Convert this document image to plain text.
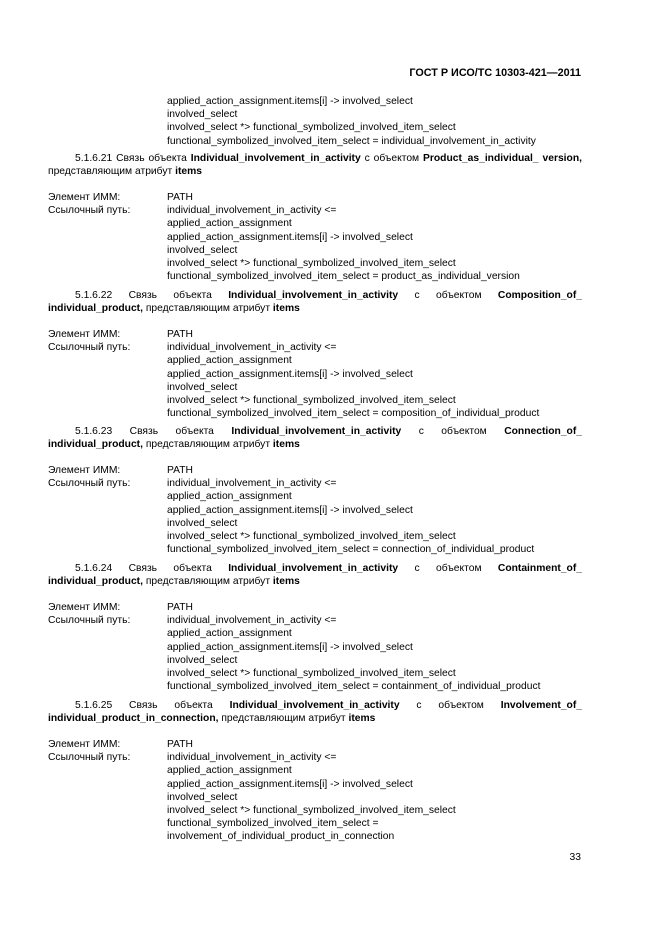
ГОСТ Р ИСО/ТС 10303-421—2011
applied_action_assignment.items[i] -> involved_select
involved_select
involved_select *> functional_symbolized_involved_item_select
functional_symbolized_involved_item_select = individual_involvement_in_activity
5.1.6.21 Связь объекта Individual_involvement_in_activity с объектом Product_as_individual_ version, представляющим атрибут items
Элемент ИММ:	PATH
Ссылочный путь:	individual_involvement_in_activity <=
applied_action_assignment
applied_action_assignment.items[i] -> involved_select
involved_select
involved_select *> functional_symbolized_involved_item_select
functional_symbolized_involved_item_select = product_as_individual_version
5.1.6.22 Связь объекта Individual_involvement_in_activity с объектом Composition_of_ individual_product, представляющим атрибут items
Элемент ИММ:	PATH
Ссылочный путь:	individual_involvement_in_activity <=
applied_action_assignment
applied_action_assignment.items[i] -> involved_select
involved_select
involved_select *> functional_symbolized_involved_item_select
functional_symbolized_involved_item_select = composition_of_individual_product
5.1.6.23 Связь объекта Individual_involvement_in_activity с объектом Connection_of_ individual_product, представляющим атрибут items
Элемент ИММ:	PATH
Ссылочный путь:	individual_involvement_in_activity <=
applied_action_assignment
applied_action_assignment.items[i] -> involved_select
involved_select
involved_select *> functional_symbolized_involved_item_select
functional_symbolized_involved_item_select = connection_of_individual_product
5.1.6.24 Связь объекта Individual_involvement_in_activity с объектом Containment_of_ individual_product, представляющим атрибут items
Элемент ИММ:	PATH
Ссылочный путь:	individual_involvement_in_activity <=
applied_action_assignment
applied_action_assignment.items[i] -> involved_select
involved_select
involved_select *> functional_symbolized_involved_item_select
functional_symbolized_involved_item_select = containment_of_individual_product
5.1.6.25 Связь объекта Individual_involvement_in_activity с объектом Involvement_of_ individual_product_in_connection, представляющим атрибут items
Элемент ИММ:	PATH
Ссылочный путь:	individual_involvement_in_activity <=
applied_action_assignment
applied_action_assignment.items[i] -> involved_select
involved_select
involved_select *> functional_symbolized_involved_item_select
functional_symbolized_involved_item_select =
involvement_of_individual_product_in_connection
33
